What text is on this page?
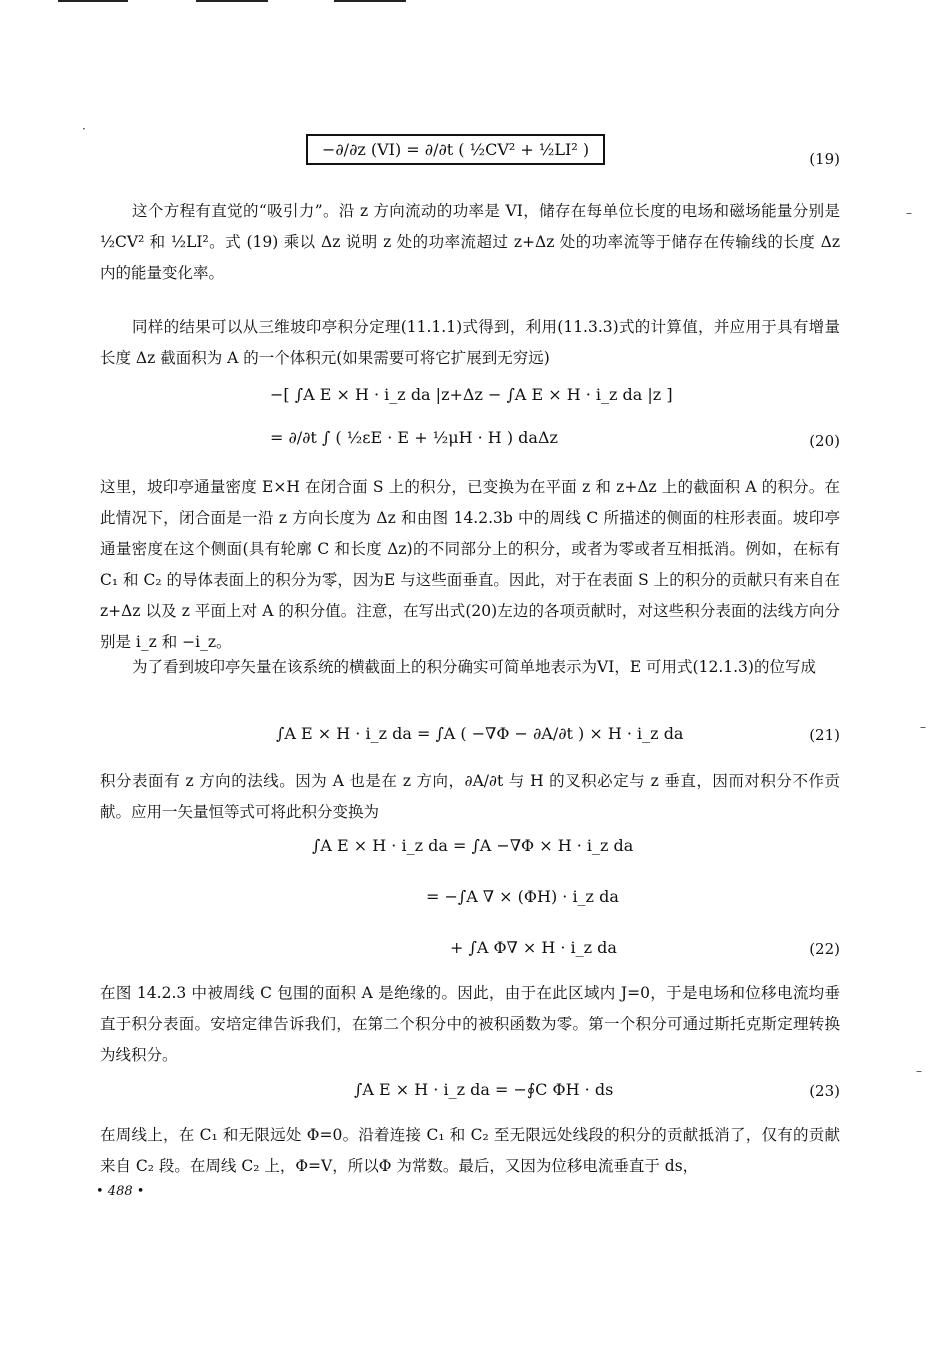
·
−∂/∂z (VI) = ∂/∂t ( ½CV² + ½LI² )	(19)
这个方程有直觉的“吸引力”。沿 z 方向流动的功率是 VI，储存在每单位长度的电场和磁场能量分别是 ½CV² 和 ½LI²。式 (19) 乘以 Δz 说明 z 处的功率流超过 z+Δz 处的功率流等于储存在传输线的长度 Δz 内的能量变化率。
同样的结果可以从三维坡印亭积分定理(11.1.1)式得到，利用(11.3.3)式的计算值，并应用于具有增量长度 Δz 截面积为 A 的一个体积元(如果需要可将它扩展到无穷远)
−[ ∫A E × H · i_z da |z+Δz − ∫A E × H · i_z da |z ]
= ∂/∂t ∫ ( ½εE · E + ½μH · H ) daΔz	(20)
这里，坡印亭通量密度 E×H 在闭合面 S 上的积分，已变换为在平面 z 和 z+Δz 上的截面积 A 的积分。在此情况下，闭合面是一沿 z 方向长度为 Δz 和由图 14.2.3b 中的周线 C 所描述的侧面的柱形表面。坡印亭通量密度在这个侧面(具有轮廓 C 和长度 Δz)的不同部分上的积分，或者为零或者互相抵消。例如，在标有 C₁ 和 C₂ 的导体表面上的积分为零，因为E 与这些面垂直。因此，对于在表面 S 上的积分的贡献只有来自在 z+Δz 以及 z 平面上对 A 的积分值。注意，在写出式(20)左边的各项贡献时，对这些积分表面的法线方向分别是 i_z 和 −i_z。
为了看到坡印亭矢量在该系统的横截面上的积分确实可简单地表示为VI，E 可用式(12.1.3)的位写成
∫A E × H · i_z da = ∫A ( −∇Φ − ∂A/∂t ) × H · i_z da	(21)
积分表面有 z 方向的法线。因为 A 也是在 z 方向，∂A/∂t 与 H 的叉积必定与 z 垂直，因而对积分不作贡献。应用一矢量恒等式可将此积分变换为
∫A E × H · i_z da = ∫A −∇Φ × H · i_z da
= −∫A ∇ × (ΦH) · i_z da
+ ∫A Φ∇ × H · i_z da	(22)
在图 14.2.3 中被周线 C 包围的面积 A 是绝缘的。因此，由于在此区域内 J=0，于是电场和位移电流均垂直于积分表面。安培定律告诉我们，在第二个积分中的被积函数为零。第一个积分可通过斯托克斯定理转换为线积分。
∫A E × H · i_z da = −∮C ΦH · ds	(23)
在周线上，在 C₁ 和无限远处 Φ=0。沿着连接 C₁ 和 C₂ 至无限远处线段的积分的贡献抵消了，仅有的贡献来自 C₂ 段。在周线 C₂ 上，Φ=V，所以Φ 为常数。最后，又因为位移电流垂直于 ds，
• 488 •
–
–
–
